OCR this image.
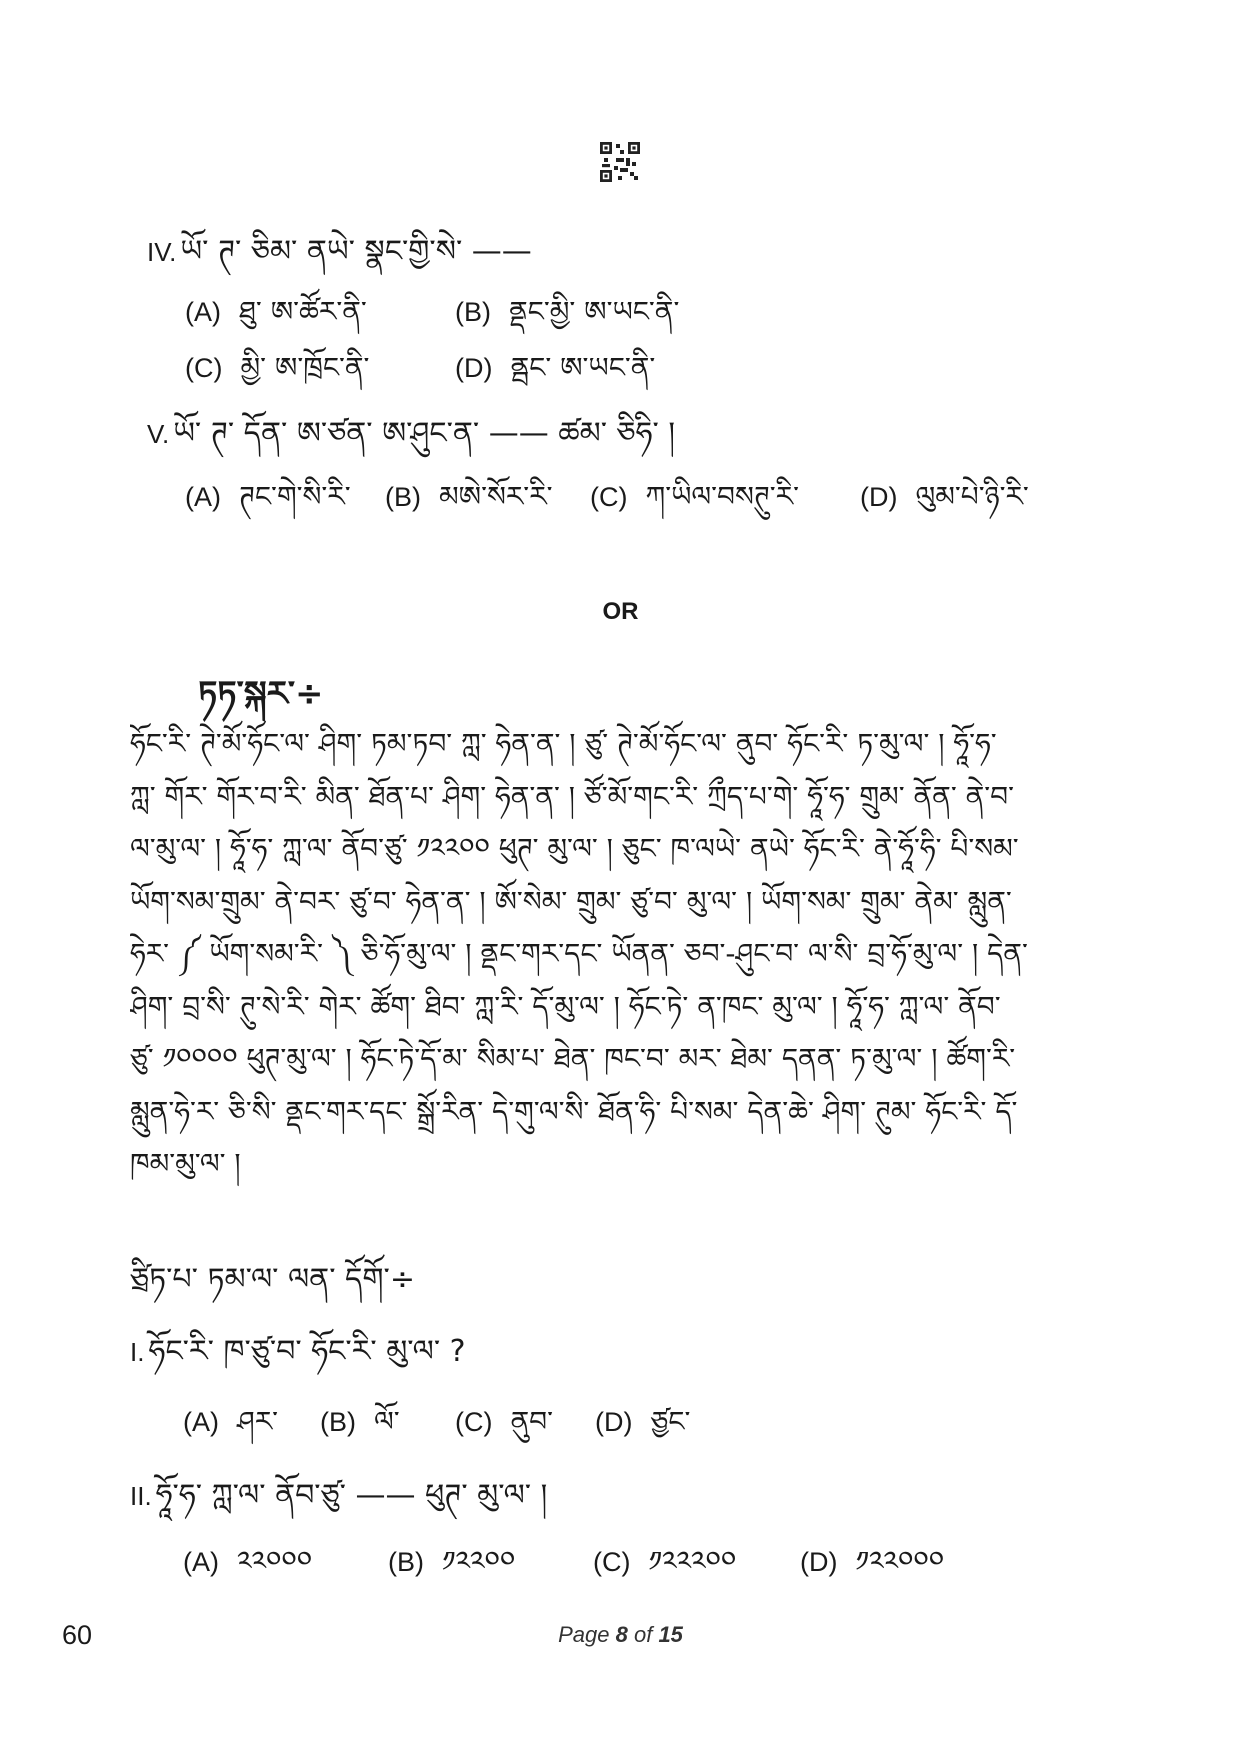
IV. ཡོ་ ཊ་ ཅིམ་ ནཡེ་ སྣང་གྱི་སེ་ ——
(A) ཐུ་ ཨ་ཚོར་ནི་	(B) ནྡང་མྱི་ ཨ་ཡང་ནི་
(C) མྱི་ ཨ་ཁྲོང་ནི་	(D) ནྦང་ ཨ་ཡང་ནི་
V. ཡོ་ ཊ་ དོན་ ཨ་ཙན་ ཨ་ཤུང་ན་ —— ཚམ་ ཅིཧི་ །
(A) ཊང་གེ་སི་རི་ (B) མཨེ་སོར་རི་ (C) ཀ་ཡིལ་བསཊུ་རི་ (D) ལུམ་པེ་ཉི་རི་
OR
ཏཏ་སྐར་÷
ཧོང་རི་ ཊེ་མོ་ཧོང་ལ་ ཤིག་ ཏམ་ཏབ་ ཀླ་ ཧེན་ན་ ། ཙུ་ ཊེ་མོ་ཧོང་ལ་ ནུབ་ ཧོང་རི་ ཏ་མུ་ལ་ ། ཧཱོ་ཧ་
ཀླ་ གོར་ གོར་བ་རི་ མིན་ ཐོན་པ་ ཤིག་ ཧེན་ན་ ། ཙོ་མོ་གང་རི་ ཀྲྀད་པ་གེ་ ཧཱོ་ཧ་ གྲུམ་ ནོན་ ནེ་བ་
ལ་མུ་ལ་ ། ཧཱོ་ཧ་ ཀླ་ལ་ ནོབ་ཙུ་ ༡༢༢༠༠ ཕུཊ་ མུ་ལ་ ། ཅུང་ ཁ་ལཡེ་ ནཡེ་ ཧོང་རི་ ནེ་ཧཱོ་ཧི་ པི་སམ་
ཡོག་སམ་གྲུམ་ ནེ་བར་ ཙུ་བ་ ཧེན་ན་ ། ཨོ་སེམ་ གྲུམ་ ཙུ་བ་ མུ་ལ་ ། ཡོག་སམ་ གྲུམ་ ནེམ་ མླུན་
ཧེར་ ༼ ཡོག་སམ་རི་ ༽ ཅི་ཧོ་མུ་ལ་ ། ནྡང་གར་དང་ ཡོནན་ ཅབ་-ཤུང་བ་ ལ་སི་ བྲ་ཧོ་མུ་ལ་ ། དེན་
ཤིག་ བྲ་སི་ ཊུ་སེ་རི་ གེར་ ཚོག་ ཐིབ་ ཀླ་རི་ དོ་མུ་ལ་ ། ཧོང་ཏེ་ ན་ཁང་ མུ་ལ་ ། ཧཱོ་ཧ་ ཀླ་ལ་ ནོབ་
ཙུ་ ༡༠༠༠༠ ཕུཊ་མུ་ལ་ ། ཧོང་ཏེ་དོ་མ་ སིམ་པ་ ཐེན་ ཁང་བ་ མར་ ཐེམ་ དནན་ ཏ་མུ་ལ་ ། ཚོག་རི་
མླུན་ཧེ་ར་ ཅི་སི་ ནྡང་གར་དང་ སྒྲོ་རིན་ དེ་གུ་ལ་སི་ ཐོན་ཧི་ པི་སམ་ དེན་ཆེ་ ཤིག་ ཊུམ་ ཧོང་རི་ དོ་
ཁམ་མུ་ལ་ །
ཙྲིཏ་པ་ ཏམ་ལ་ ལན་ དོགོ་÷
I. ཧོང་རི་ ཁ་ཙུ་བ་ ཧོང་རི་ མུ་ལ་ ?
(A) ཤར་ (B) ལོ་ (C) ནུབ་ (D) ཙྱང་
II. ཧཱོ་ཧ་ ཀླ་ལ་ ནོབ་ཙུ་ —— ཕུཊ་ མུ་ལ་ །
(A) ༢༢༠༠༠	(B) ༡༢༢༠༠	(C) ༡༢༢༢༠༠ (D) ༡༢༢༠༠༠
60	Page 8 of 15
